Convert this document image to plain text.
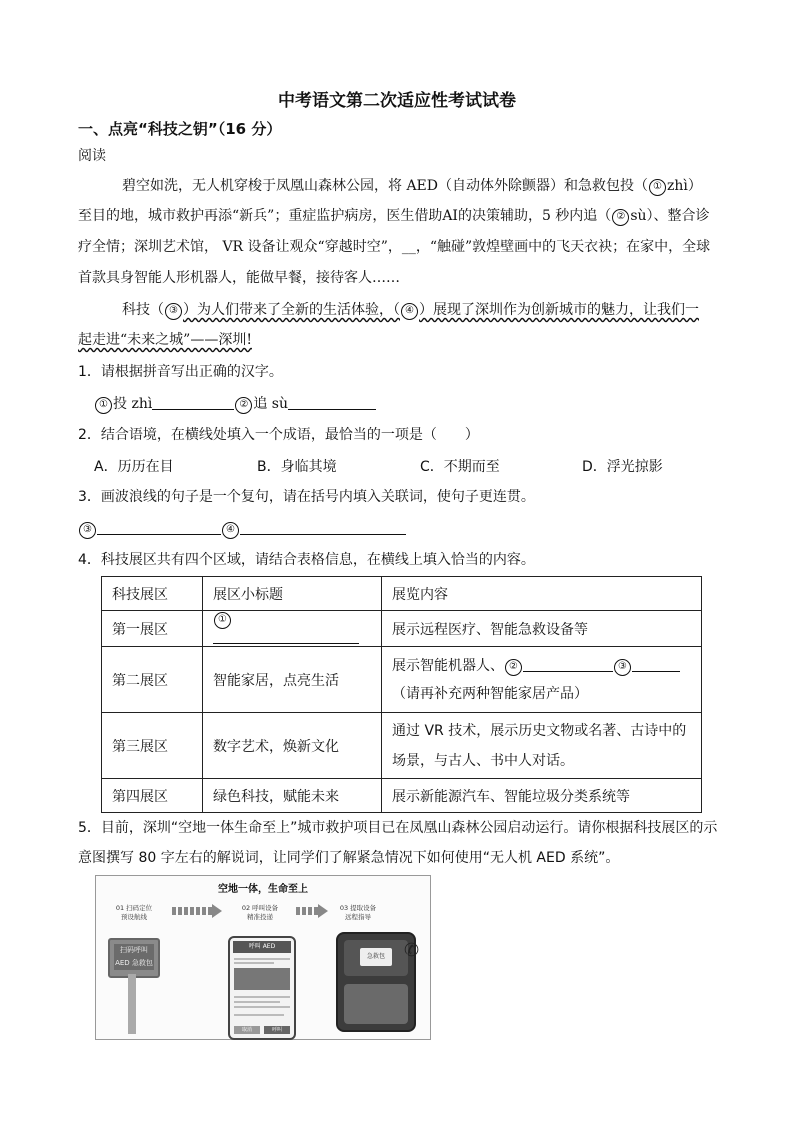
中考语文第二次适应性考试试卷
一、点亮“科技之钥”（16 分）
阅读
碧空如洗，无人机穿梭于凤凰山森林公园，将 AED（自动体外除颤器）和急救包投（ ① zhì）
至目的地，城市救护再添“新兵”；重症监护病房，医生借助AI的决策辅助，5 秒内追（ ② sù）、整合诊
疗全情；深圳艺术馆， VR 设备让观众“穿越时空”，__，“触碰”敦煌壁画中的飞天衣袂；在家中，全球
首款具身智能人形机器人，能做早餐，接待客人……
科技（ ③ ）为人们带来了全新的生活体验，（ ④ ）展现了深圳作为创新城市的魅力，让我们一
起走进“未来之城”——深圳!
1．请根据拼音写出正确的汉字。
① 投 zhì	② 追 sù
2．结合语境，在横线处填入一个成语，最恰当的一项是（　　）
A．历历在目	B．身临其境	C．不期而至	D．浮光掠影
3．画波浪线的句子是一个复句，请在括号内填入关联词，使句子更连贯。
③	④
4．科技展区共有四个区域，请结合表格信息，在横线上填入恰当的内容。
科技展区	展区小标题	展览内容
第一展区	①	展示远程医疗、智能急救设备等
第二展区	智能家居，点亮生活	展示智能机器人、 ② ③
（请再补充两种智能家居产品）
第三展区	数字艺术，焕新文化	通过 VR 技术，展示历史文物或名著、古诗中的
场景，与古人、书中人对话。
第四展区	绿色科技，赋能未来	展示新能源汽车、智能垃圾分类系统等
5．目前，深圳“空地一体生命至上”城市救护项目已在凤凰山森林公园启动运行。请你根据科技展区的示
意图撰写 80 字左右的解说词，让同学们了解紧急情况下如何使用“无人机 AED 系统”。
空地一体，生命至上
01 扫码定位
预设航线
02 呼叫设备
精准投递
03 提取设备
远程指导
扫码呼叫
AED 急救包
呼叫 AED
取消	呼叫
急救包	✆
